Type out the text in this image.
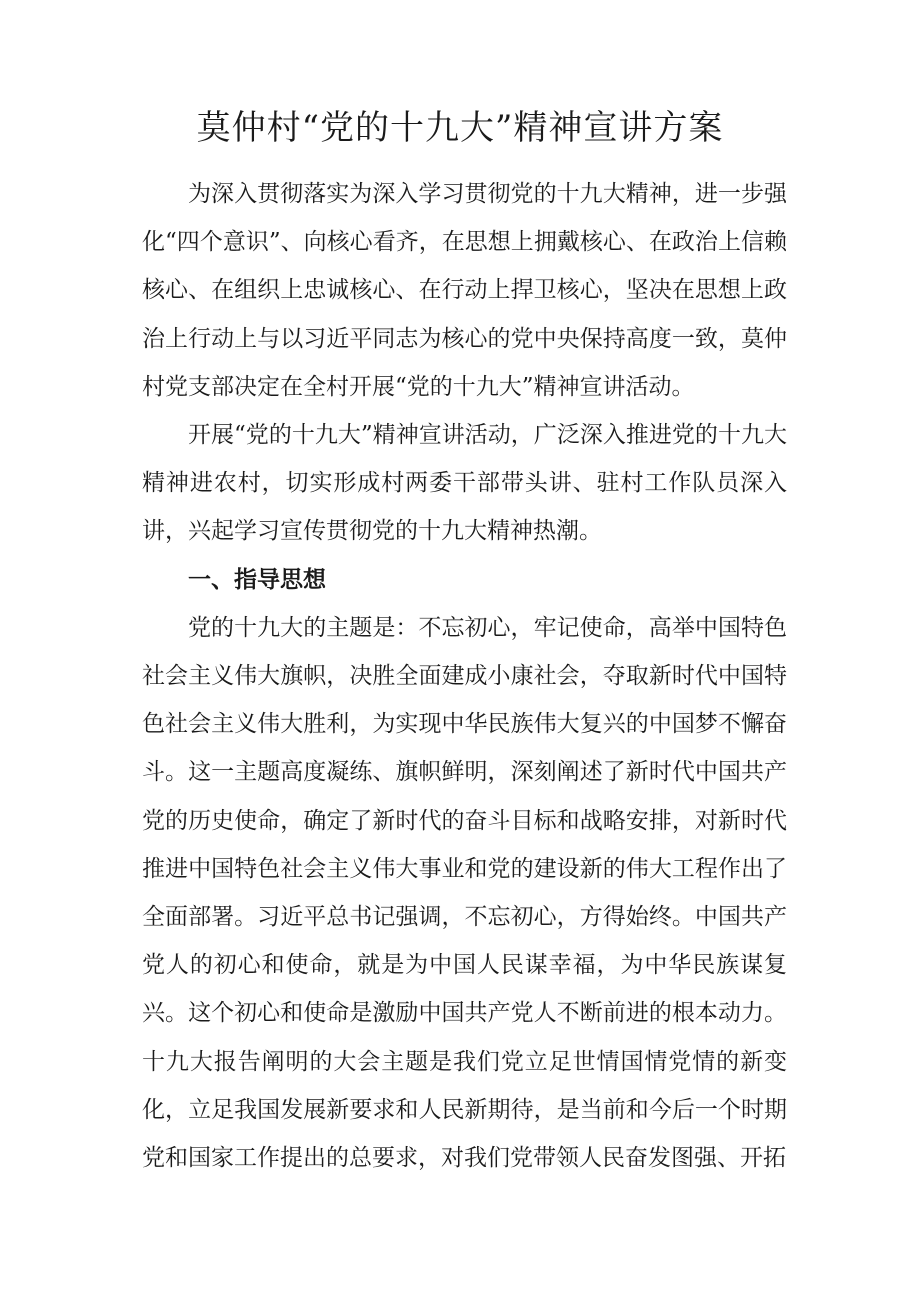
莫仲村“党的十九大”精神宣讲方案

为深入贯彻落实为深入学习贯彻党的十九大精神，进一步强化“四个意识”、向核心看齐，在思想上拥戴核心、在政治上信赖核心、在组织上忠诚核心、在行动上捍卫核心，坚决在思想上政治上行动上与以习近平同志为核心的党中央保持高度一致，莫仲村党支部决定在全村开展“党的十九大”精神宣讲活动。

开展“党的十九大”精神宣讲活动，广泛深入推进党的十九大精神进农村，切实形成村两委干部带头讲、驻村工作队员深入讲，兴起学习宣传贯彻党的十九大精神热潮。

一、指导思想

党的十九大的主题是：不忘初心，牢记使命，高举中国特色社会主义伟大旗帜，决胜全面建成小康社会，夺取新时代中国特色社会主义伟大胜利，为实现中华民族伟大复兴的中国梦不懈奋斗。这一主题高度凝练、旗帜鲜明，深刻阐述了新时代中国共产党的历史使命，确定了新时代的奋斗目标和战略安排，对新时代推进中国特色社会主义伟大事业和党的建设新的伟大工程作出了全面部署。习近平总书记强调，不忘初心，方得始终。中国共产党人的初心和使命，就是为中国人民谋幸福，为中华民族谋复兴。这个初心和使命是激励中国共产党人不断前进的根本动力。十九大报告阐明的大会主题是我们党立足世情国情党情的新变化，立足我国发展新要求和人民新期待，是当前和今后一个时期党和国家工作提出的总要求，对我们党带领人民奋发图强、开拓
